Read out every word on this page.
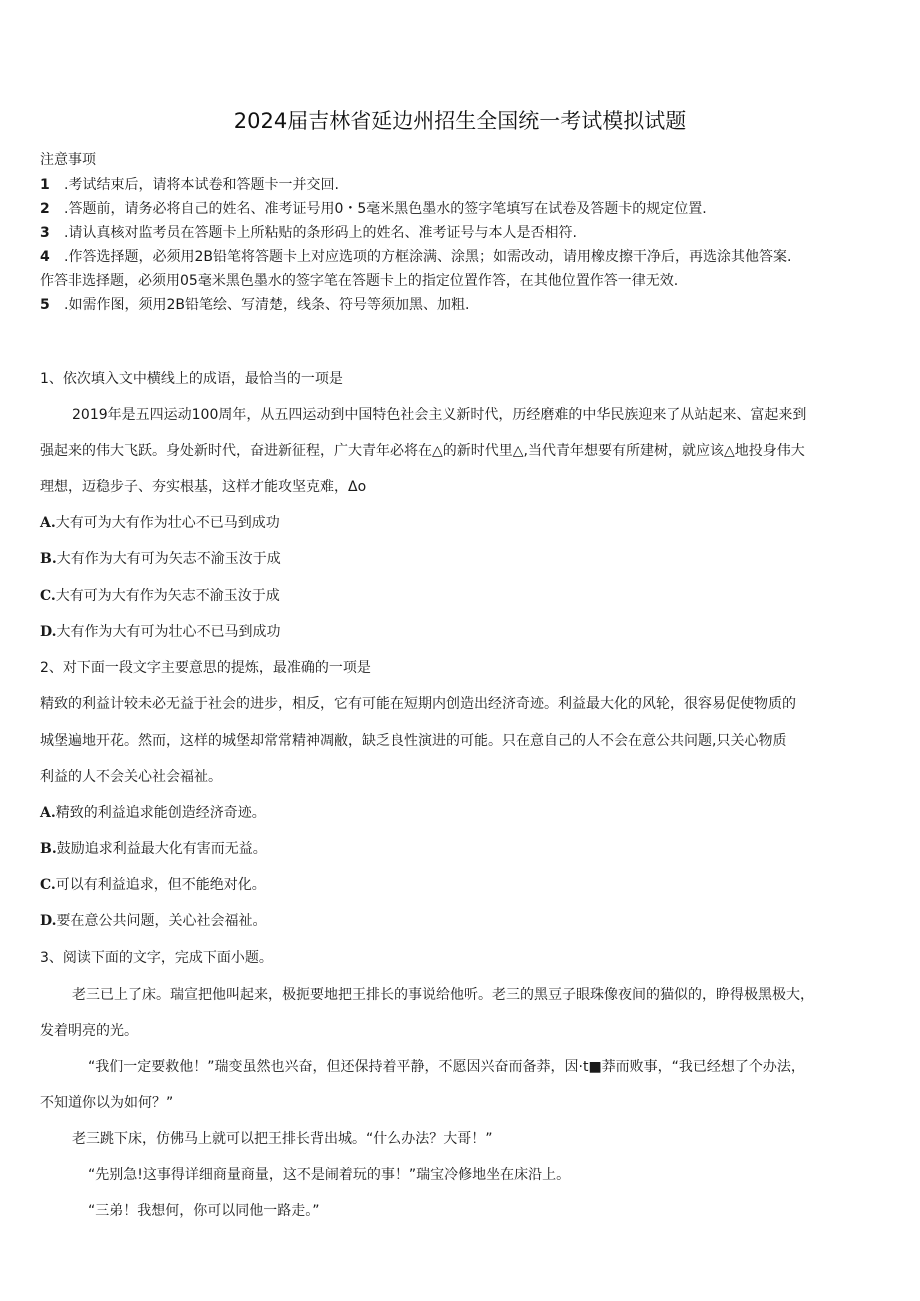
2024届吉林省延边州招生全国统一考试模拟试题
注意事项
1 .考试结束后，请将本试卷和答题卡一并交回.
2 .答题前，请务必将自己的姓名、准考证号用0・5毫米黑色墨水的签字笔填写在试卷及答题卡的规定位置.
3 .请认真核对监考员在答题卡上所粘贴的条形码上的姓名、准考证号与本人是否相符.
4 .作答选择题，必须用2B铅笔将答题卡上对应选项的方框涂满、涂黑；如需改动，请用橡皮擦干净后，再选涂其他答案.
作答非选择题，必须用05毫米黑色墨水的签字笔在答题卡上的指定位置作答，在其他位置作答一律无效.
5 .如需作图，须用2B铅笔绘、写清楚，线条、符号等须加黑、加粗.
1、依次填入文中横线上的成语，最恰当的一项是
2019年是五四运动100周年，从五四运动到中国特色社会主义新时代，历经磨难的中华民族迎来了从站起来、富起来到
强起来的伟大飞跃。身处新时代，奋进新征程，广大青年必将在△的新时代里△,当代青年想要有所建树，就应该△地投身伟大
理想，迈稳步子、夯实根基，这样才能攻坚克难，Δo
A.大有可为大有作为壮心不已马到成功
B.大有作为大有可为矢志不渝玉汝于成
C.大有可为大有作为矢志不渝玉汝于成
D.大有作为大有可为壮心不已马到成功
2、对下面一段文字主要意思的提炼，最准确的一项是
精致的利益计较未必无益于社会的进步，相反，它有可能在短期内创造出经济奇迹。利益最大化的风轮，很容易促使物质的
城堡遍地开花。然而，这样的城堡却常常精神凋敝，缺乏良性演进的可能。只在意自己的人不会在意公共问题,只关心物质
利益的人不会关心社会福祉。
A.精致的利益追求能创造经济奇迹。
B.鼓励追求利益最大化有害而无益。
C.可以有利益追求，但不能绝对化。
D.要在意公共问题，关心社会福祉。
3、阅读下面的文字，完成下面小题。
老三已上了床。瑞宣把他叫起来，极扼要地把王排长的事说给他听。老三的黑豆子眼珠像夜间的猫似的，睁得极黑极大，
发着明亮的光。
“我们一定要救他！”瑞变虽然也兴奋，但还保持着平静，不愿因兴奋而备莽，因·t■莽而败事，“我已经想了个办法，
不知道你以为如何？”
老三跳下床，仿佛马上就可以把王排长背出城。“什么办法？大哥！”
“先别急!这事得详细商量商量，这不是闹着玩的事！”瑞宝冷修地坐在床沿上。
“三弟！我想何，你可以同他一路走。”
